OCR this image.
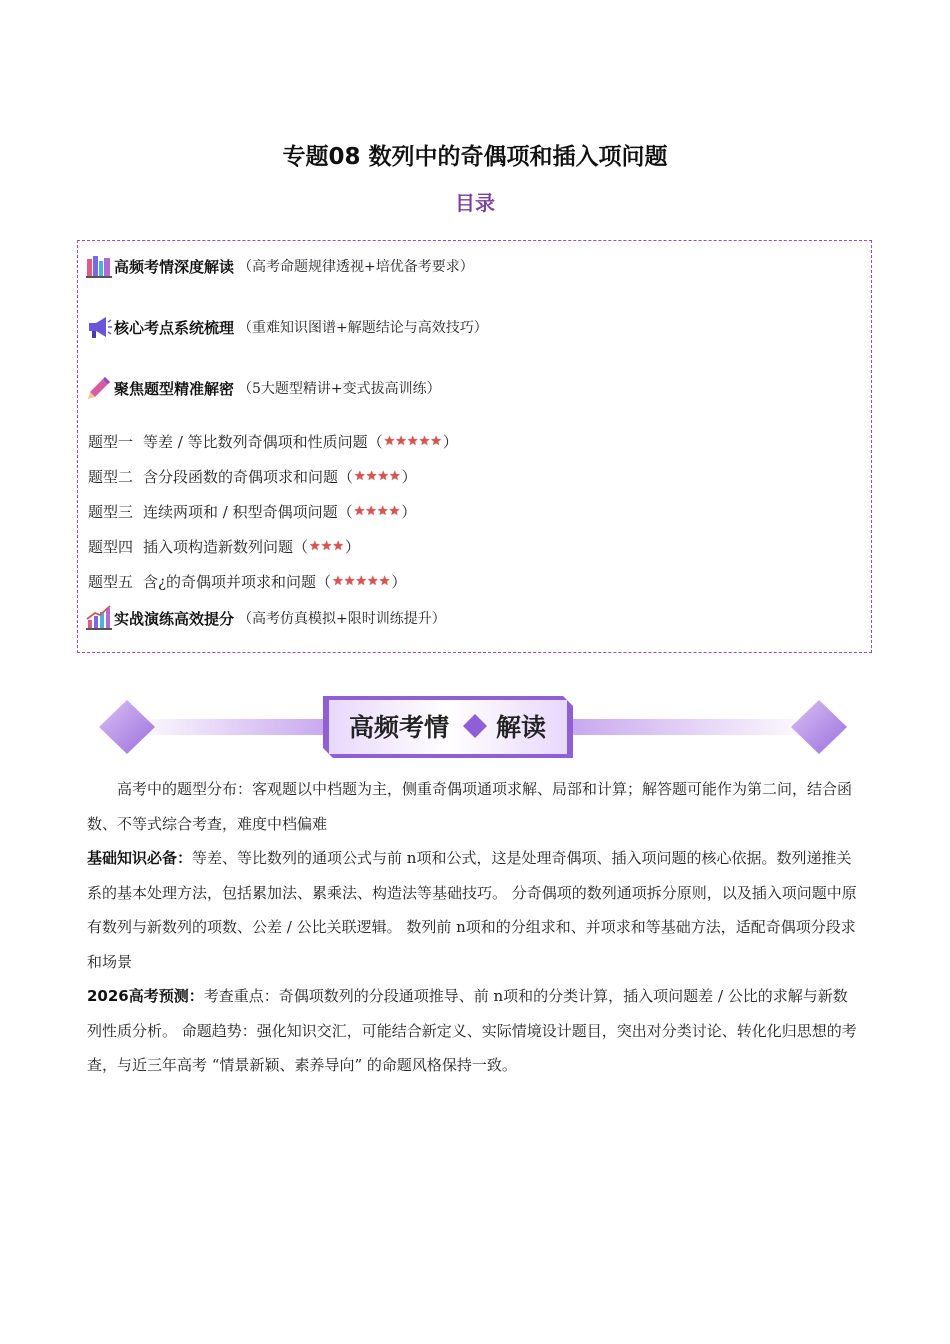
专题08 数列中的奇偶项和插入项问题
目录
高频考情深度解读 （高考命题规律透视+培优备考要求）
核心考点系统梳理 （重难知识图谱+解题结论与高效技巧）
聚焦题型精准解密 （5大题型精讲+变式拔高训练）
题型一 等差 / 等比数列奇偶项和性质问题（ ★ ★ ★ ★ ★ ）
题型二 含分段函数的奇偶项求和问题（ ★ ★ ★ ★ ）
题型三 连续两项和 / 积型奇偶项问题（ ★ ★ ★ ★ ）
题型四 插入项构造新数列问题（ ★ ★ ★ ）
题型五 含¿的奇偶项并项求和问题（ ★ ★ ★ ★ ★ ）
实战演练高效提分 （高考仿真模拟+限时训练提升）
高频考情 解读

高考中的题型分布：客观题以中档题为主，侧重奇偶项通项求解、局部和计算；解答题可能作为第二问，结合函数、不等式综合考查，难度中档偏难

基础知识必备：等差、等比数列的通项公式与前 n项和公式，这是处理奇偶项、插入项问题的核心依据。数列递推关系的基本处理方法，包括累加法、累乘法、构造法等基础技巧。 分奇偶项的数列通项拆分原则，以及插入项问题中原有数列与新数列的项数、公差 / 公比关联逻辑。 数列前 n项和的分组求和、并项求和等基础方法，适配奇偶项分段求和场景

2026高考预测：考查重点：奇偶项数列的分段通项推导、前 n项和的分类计算，插入项问题差 / 公比的求解与新数列性质分析。 命题趋势：强化知识交汇，可能结合新定义、实际情境设计题目，突出对分类讨论、转化化归思想的考查，与近三年高考 “情景新颖、素养导向” 的命题风格保持一致。
